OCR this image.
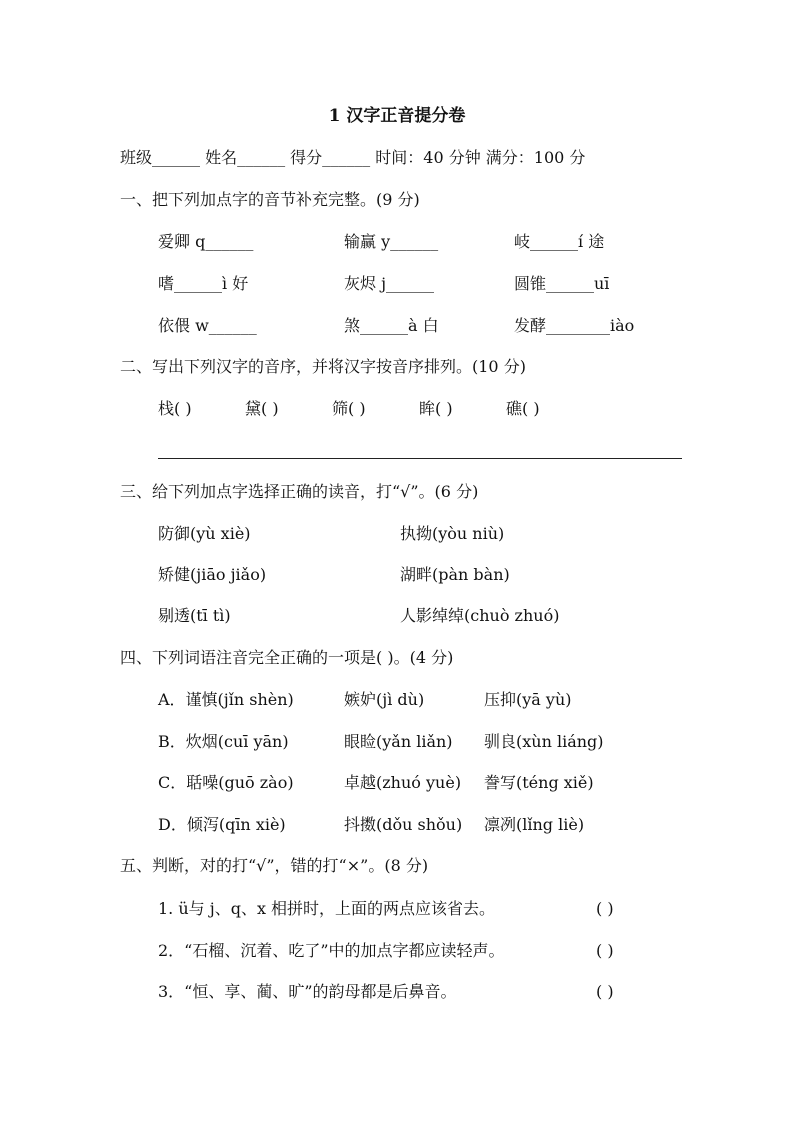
1 汉字正音提分卷
班级______ 姓名______ 得分______ 时间：40 分钟 满分：100 分
一、把下列加点字的音节补充完整。(9 分)
爱卿 q______	输赢 y______	岐______í 途
嗜______ì 好	灰烬 j______	圆锥______uī
依偎 w______	煞______à 白	发酵________iào
二、写出下列汉字的音序，并将汉字按音序排列。(10 分)
栈( )	黛( )	筛( )	眸( )	礁( )
三、给下列加点字选择正确的读音，打“√”。(6 分)
防御(yù xiè)	执拗(yòu niù)
矫健(jiāo jiǎo)	湖畔(pàn bàn)
剔透(tī tì)	人影绰绰(chuò zhuó)
四、下列词语注音完全正确的一项是( )。(4 分)
A．谨慎(jǐn shèn)	嫉妒(jì dù)	压抑(yā yù)
B．炊烟(cuī yān)	眼睑(yǎn liǎn) 驯良(xùn liáng)
C．聒噪(guō zào)	卓越(zhuó yuè) 誊写(téng xiě)
D．倾泻(qīn xiè)	抖擞(dǒu shǒu) 凛冽(lǐng liè)
五、判断，对的打“√”，错的打“×”。(8 分)
1. ü与 j、q、x 相拼时，上面的两点应该省去。	( )
2．“石榴、沉着、吃了”中的加点字都应读轻声。	( )
3．“恒、享、蔺、旷”的韵母都是后鼻音。	( )
